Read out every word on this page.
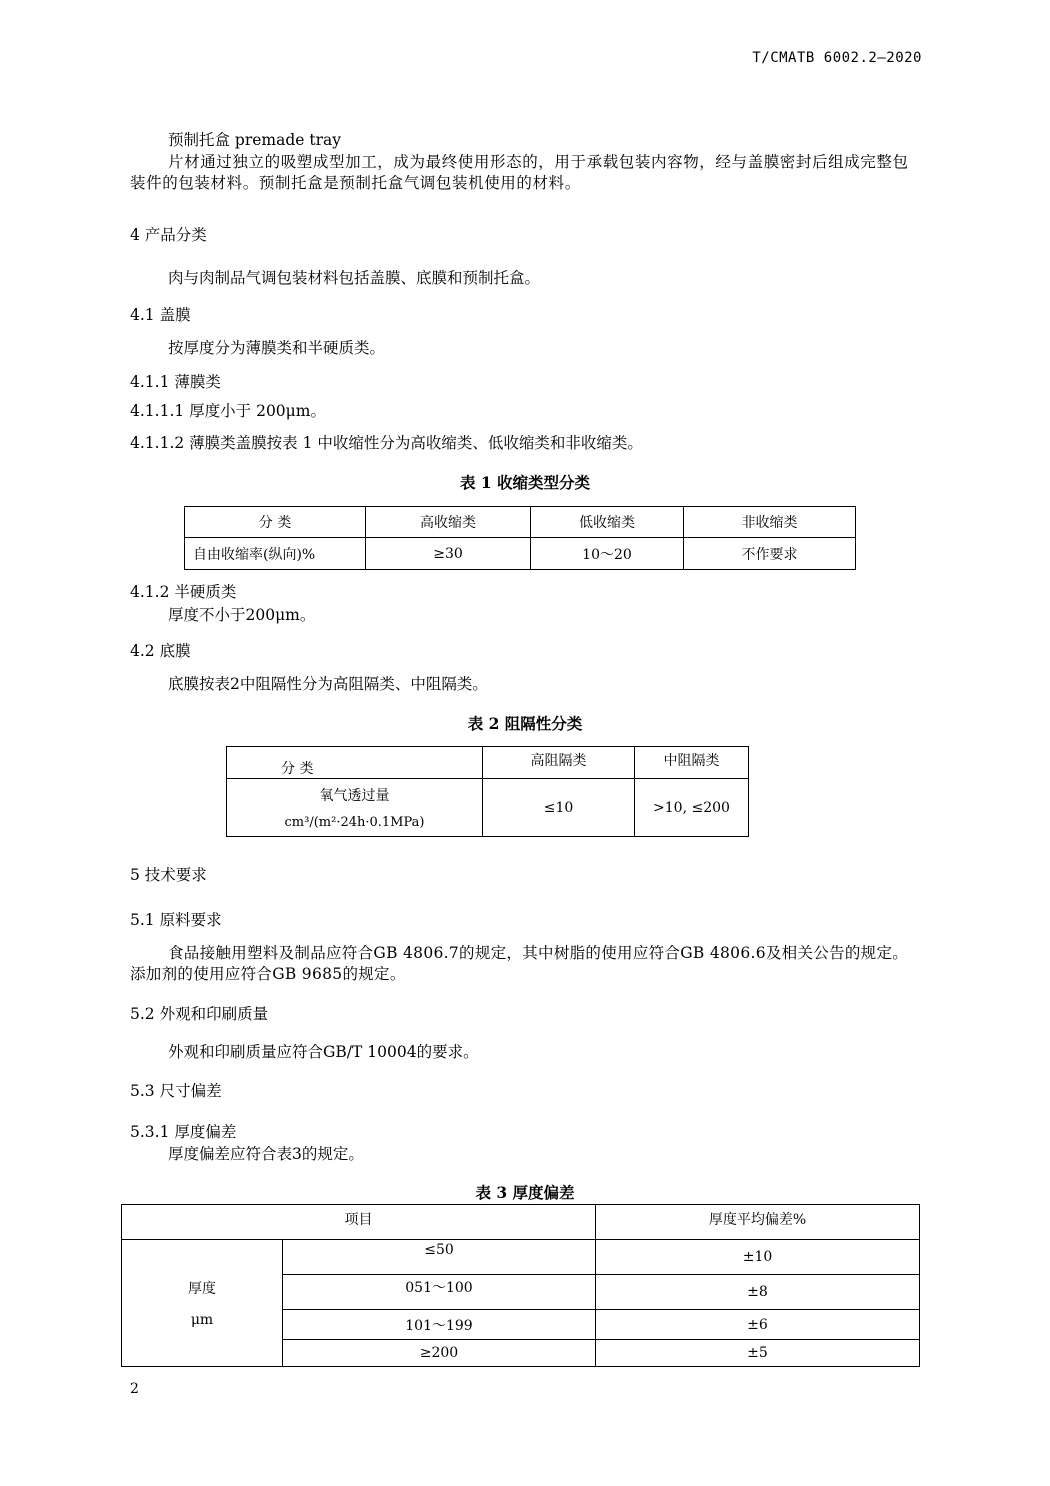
T/CMATB 6002.2—2020
预制托盒 premade tray
片材通过独立的吸塑成型加工，成为最终使用形态的，用于承载包装内容物，经与盖膜密封后组成完整包装件的包装材料。预制托盒是预制托盒气调包装机使用的材料。
4 产品分类
肉与肉制品气调包装材料包括盖膜、底膜和预制托盒。
4.1 盖膜
按厚度分为薄膜类和半硬质类。
4.1.1 薄膜类
4.1.1.1 厚度小于 200μm。
4.1.1.2 薄膜类盖膜按表 1 中收缩性分为高收缩类、低收缩类和非收缩类。
表 1 收缩类型分类
分 类	高收缩类	低收缩类	非收缩类
自由收缩率(纵向)%	≥30	10～20	不作要求
4.1.2 半硬质类
厚度不小于200μm。
4.2 底膜
底膜按表2中阻隔性分为高阻隔类、中阻隔类。
表 2 阻隔性分类
分 类	高阻隔类	中阻隔类

氧气透过量
cm³/(m²·24h·0.1MPa)	≤10	>10, ≤200
5 技术要求
5.1 原料要求
食品接触用塑料及制品应符合GB 4806.7的规定，其中树脂的使用应符合GB 4806.6及相关公告的规定。添加剂的使用应符合GB 9685的规定。
5.2 外观和印刷质量
外观和印刷质量应符合GB/T 10004的要求。
5.3 尺寸偏差
5.3.1 厚度偏差
厚度偏差应符合表3的规定。
表 3 厚度偏差
项目		厚度平均偏差%

厚度
μm	≤50	±10
	051～100	±8
	101～199	±6
	≥200	±5
2
